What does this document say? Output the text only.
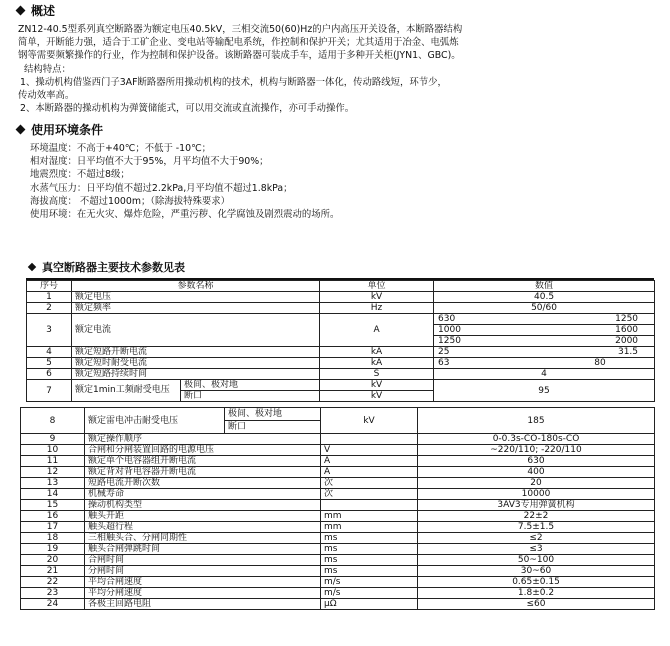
概述
ZN12-40.5型系列真空断路器为额定电压40.5kV，三相交流50(60)Hz的户内高压开关设备，本断路器结构
简单，开断能力强，适合于工矿企业、变电站等输配电系统，作控制和保护开关；尤其适用于冶金、电弧炼
钢等需要频繁操作的行业，作为控制和保护设备。该断路器可装成手车，适用于多种开关柜(JYN1、GBC)。
结构特点：
1、操动机构借鉴西门子3AF断路器所用操动机构的技术，机构与断路器一体化，传动路线短，环节少，
传动效率高。
2、本断路器的操动机构为弹簧储能式，可以用交流或直流操作，亦可手动操作。
使用环境条件
环境温度：不高于+40℃；不低于 -10℃；
相对湿度：日平均值不大于95%，月平均值不大于90%；
地震烈度：不超过8级；
水蒸气压力：日平均值不超过2.2kPa,月平均值不超过1.8kPa；
海拔高度： 不超过1000m；（除海拔特殊要求）
使用环境：在无火灾、爆炸危险，严重污秽、化学腐蚀及剧烈震动的场所。
真空断路器主要技术参数见表
序号	参数名称		单位	数值
1	额定电压		kV	40.5
2	额定频率		Hz	50/60
3	额定电流		A	630 1250

				1000 1600

				1250 2000

4	额定短路开断电流		kA	25 31.5

5	额定短时耐受电流		kA	63 80

6	额定短路持续时间		S	4
7	额定1min工频耐受电压	极间、极对地	kV	95
		断口	kV	
8	额定雷电冲击耐受电压	极间、极对地	kV	185
		断口		
9	额定操作顺序			0-0.3s-CO-180s-CO
10	合闸和分闸装置回路的电源电压		V	~220/110; -220/110
11	额定单个电容器组开断电流		A	630
12	额定背对背电容器开断电流		A	400
13	短路电流开断次数		次	20
14	机械寿命		次	10000
15	操动机构类型			3AV3专用弹簧机构
16	触头开距		mm	22±2
17	触头超行程		mm	7.5±1.5
18	三相触头合、分闸同期性		ms	≤2
19	触头合闸弹跳时间		ms	≤3
20	合闸时间		ms	50~100
21	分闸时间		ms	30~60
22	平均合闸速度		m/s	0.65±0.15
23	平均分闸速度		m/s	1.8±0.2
24	各极主回路电阻		μΩ	≤60
